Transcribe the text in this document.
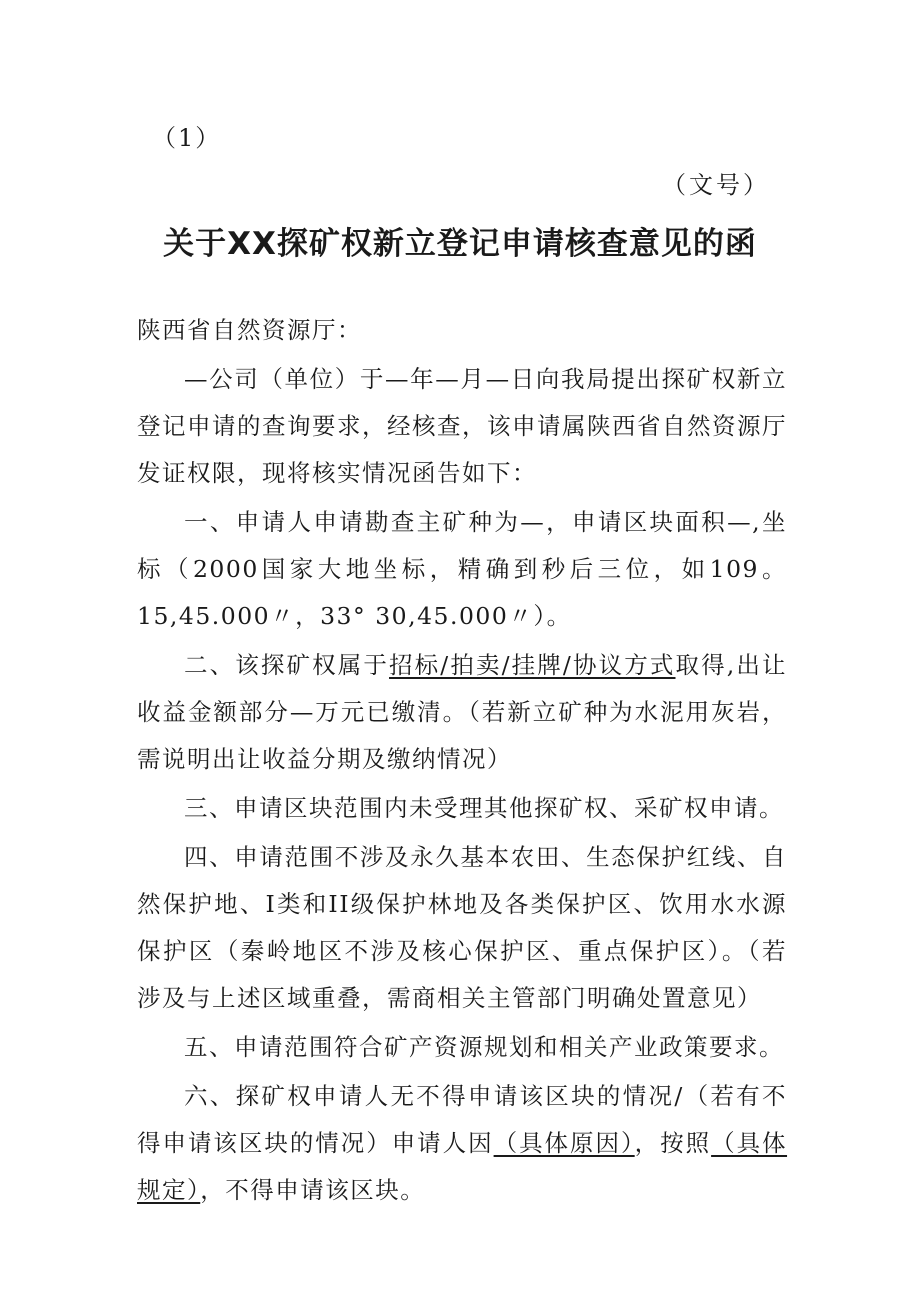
（1）
（文号）
关于XX探矿权新立登记申请核查意见的函

陕西省自然资源厅：

—公司（单位）于—年—月—日向我局提出探矿权新立登记申请的查询要求，经核查，该申请属陕西省自然资源厅发证权限，现将核实情况函告如下：

一、申请人申请勘查主矿种为—，申请区块面积—,坐标（2000国家大地坐标，精确到秒后三位，如109。15,45.000〃，33° 30,45.000〃）。

二、该探矿权属于招标/拍卖/挂牌/协议方式取得,出让收益金额部分—万元已缴清。（若新立矿种为水泥用灰岩，需说明出让收益分期及缴纳情况）

三、申请区块范围内未受理其他探矿权、采矿权申请。

四、申请范围不涉及永久基本农田、生态保护红线、自然保护地、Ⅰ类和II级保护林地及各类保护区、饮用水水源保护区（秦岭地区不涉及核心保护区、重点保护区）。（若涉及与上述区域重叠，需商相关主管部门明确处置意见）

五、申请范围符合矿产资源规划和相关产业政策要求。

六、探矿权申请人无不得申请该区块的情况/（若有不得申请该区块的情况）申请人因（具体原因），按照（具体规定），不得申请该区块。
